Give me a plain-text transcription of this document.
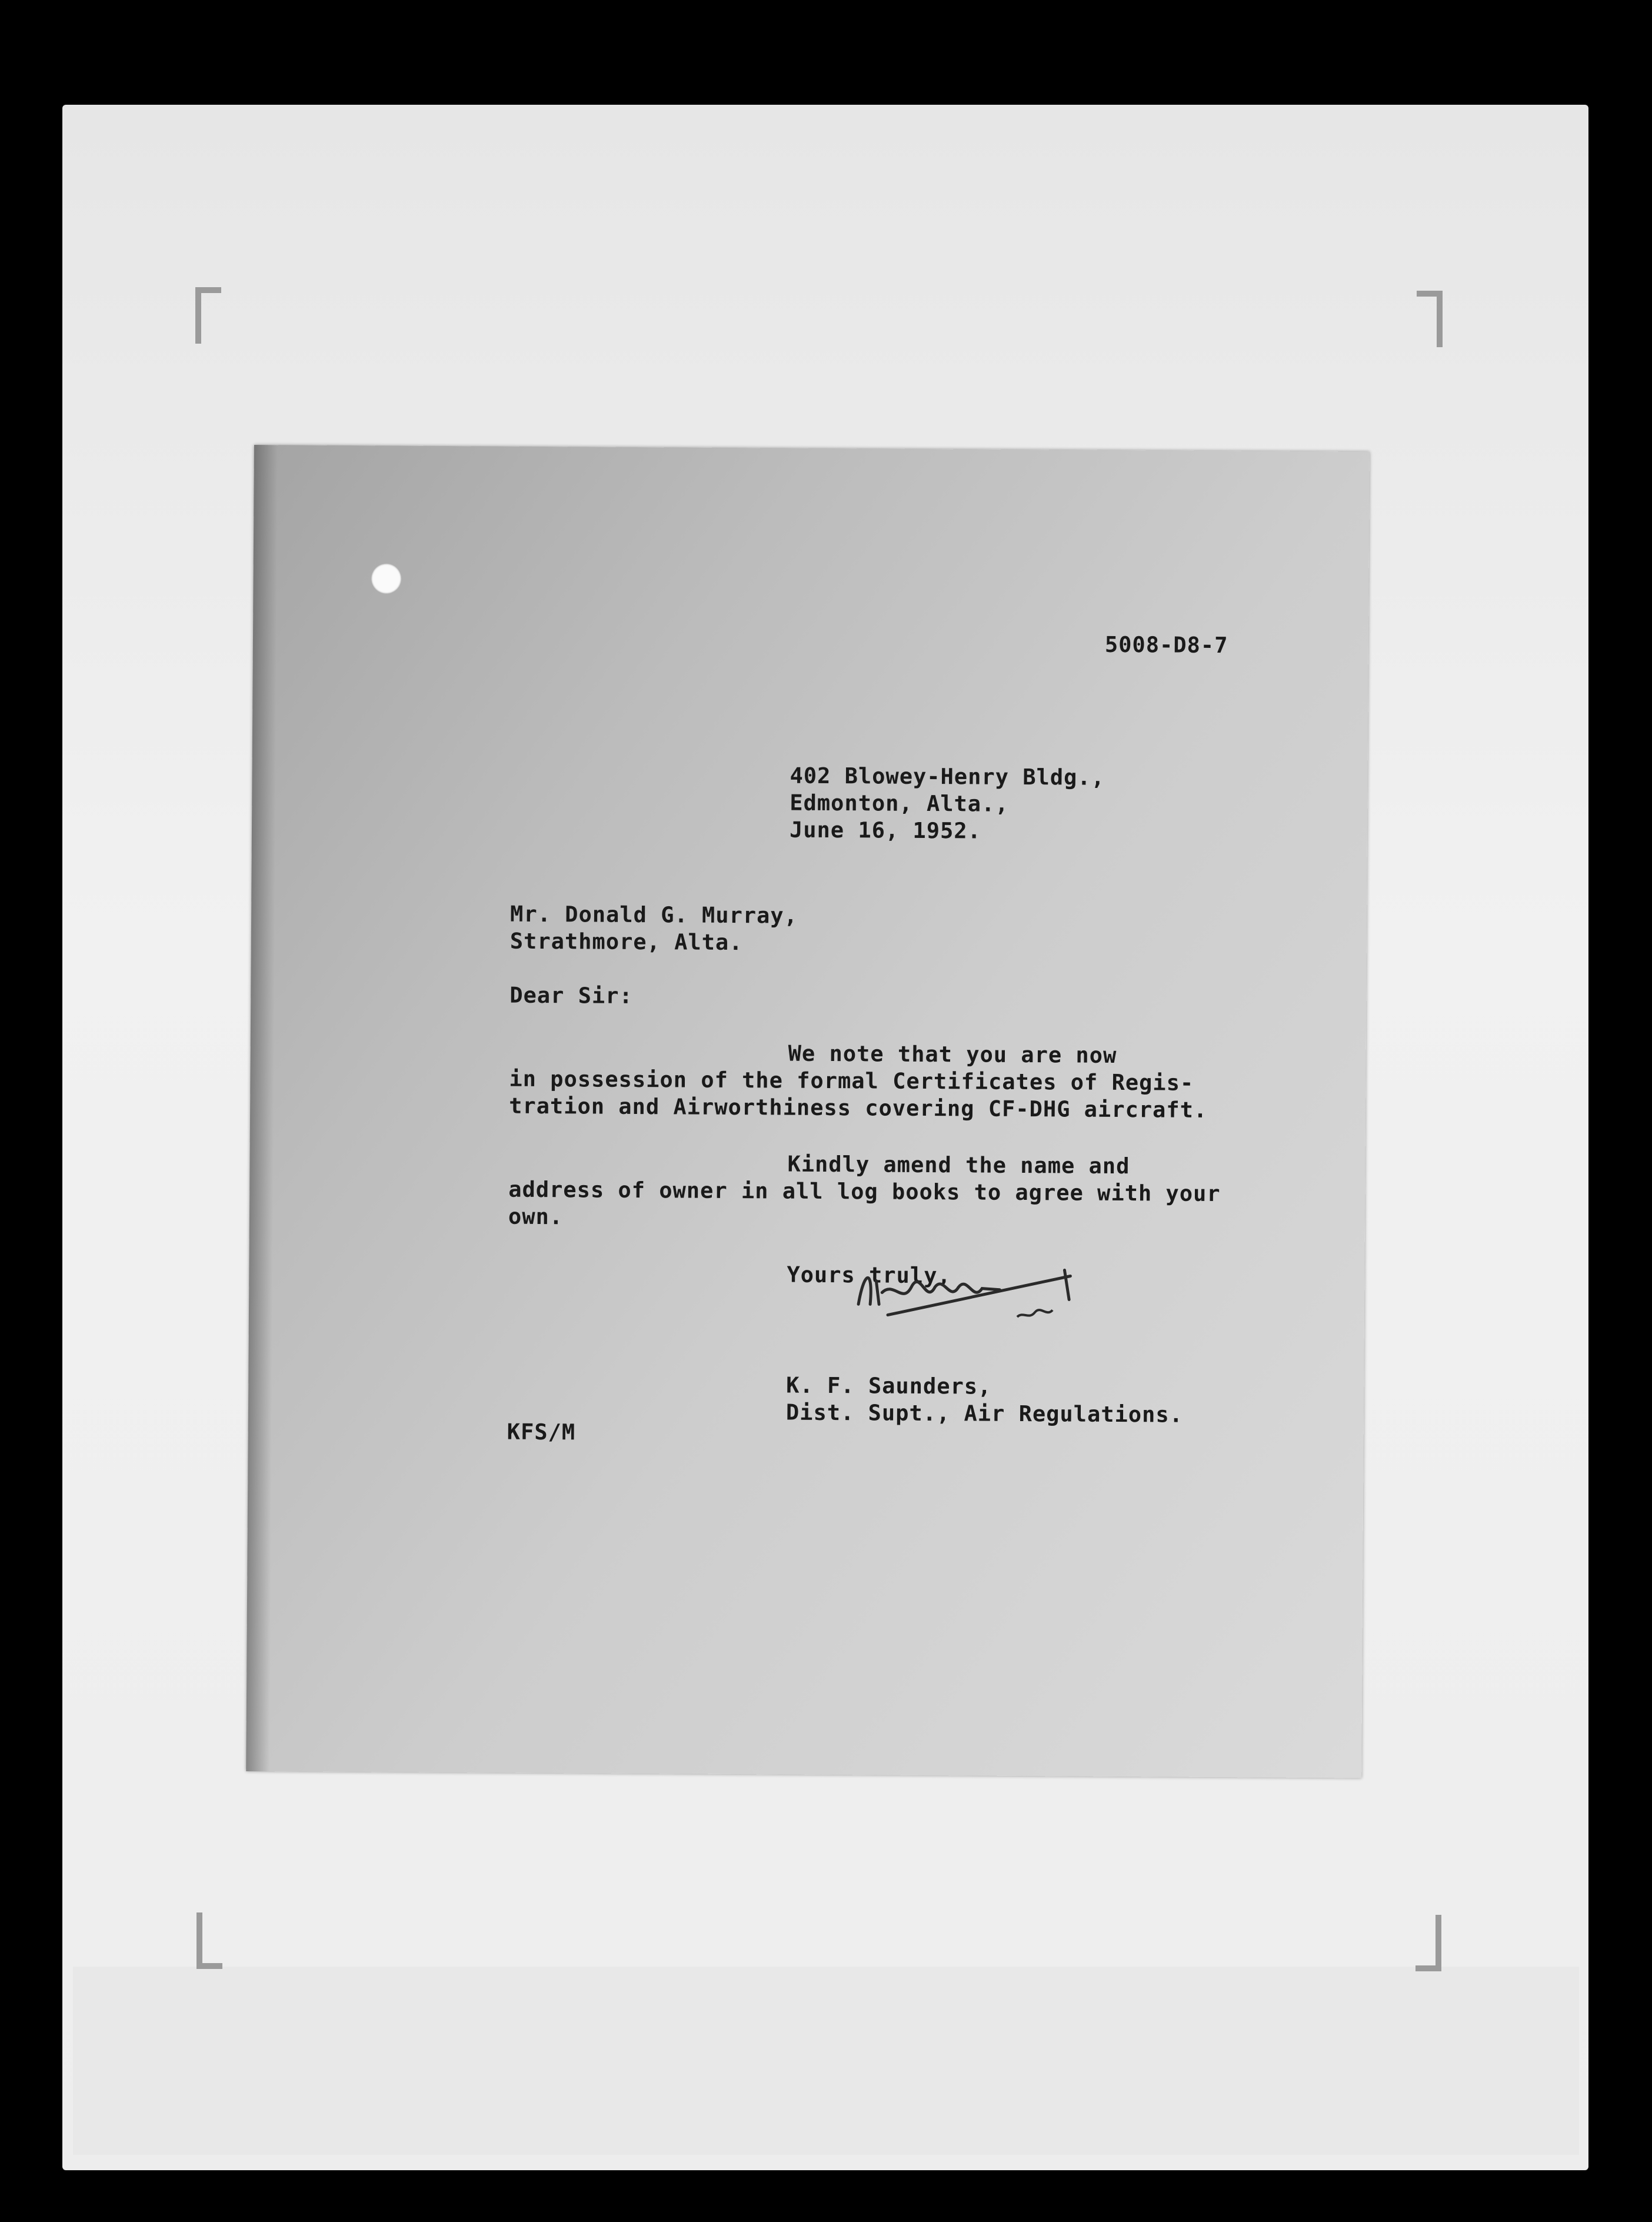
5008-D8-7
402 Blowey-Henry Bldg.,
Edmonton, Alta.,
June 16, 1952.
Mr. Donald G. Murray,
Strathmore, Alta.
Dear Sir:
We note that you are now
in possession of the formal Certificates of Regis-
tration and Airworthiness covering CF-DHG aircraft.
Kindly amend the name and
address of owner in all log books to agree with your
own.
Yours truly,
K. F. Saunders,
Dist. Supt., Air Regulations.
KFS/M
